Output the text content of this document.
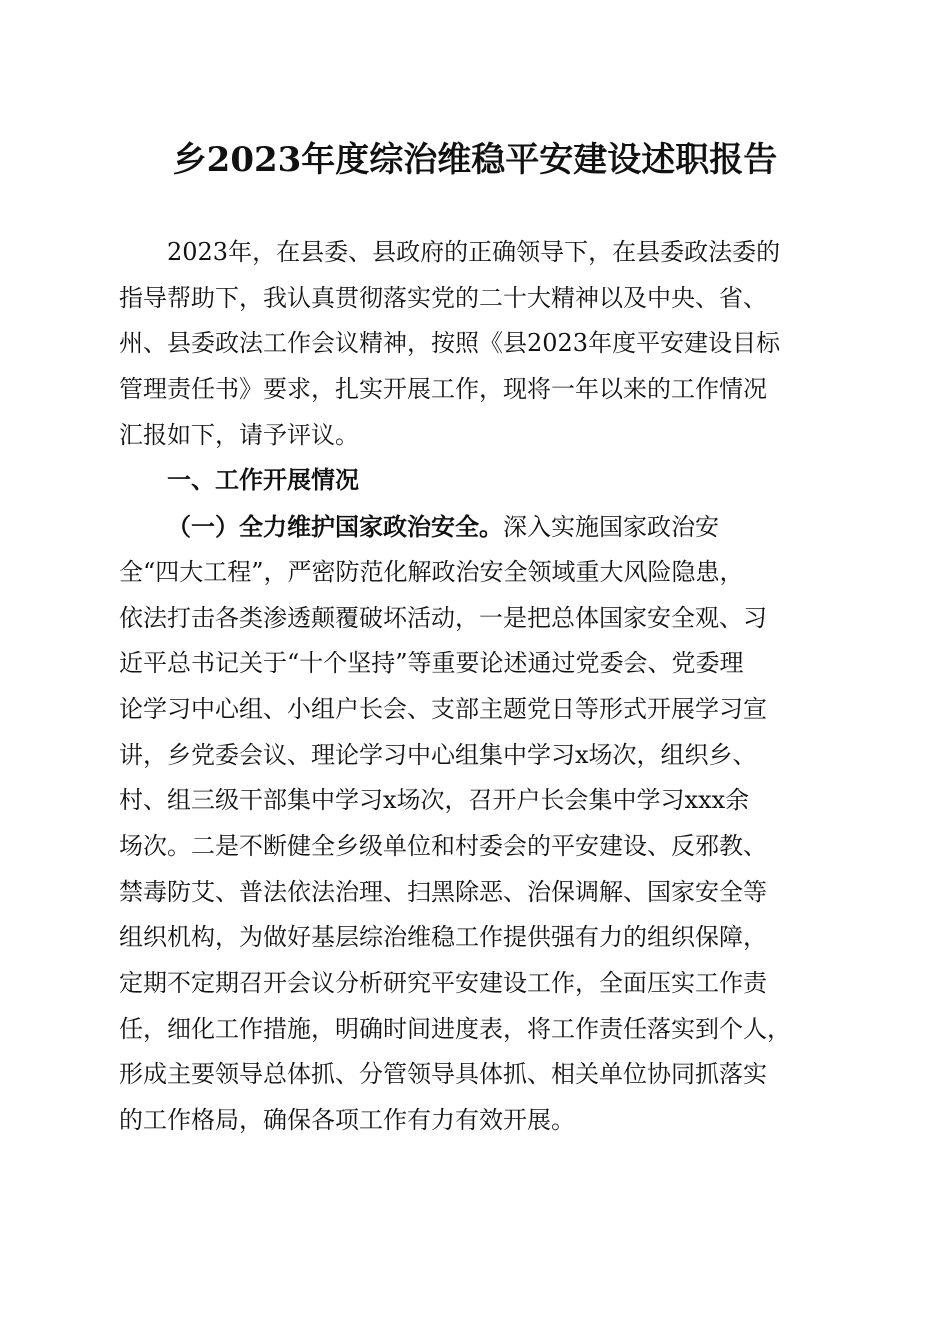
乡2023年度综治维稳平安建设述职报告
2023年，在县委、县政府的正确领导下，在县委政法委的
指导帮助下，我认真贯彻落实党的二十大精神以及中央、省、
州、县委政法工作会议精神，按照《县2023年度平安建设目标
管理责任书》要求，扎实开展工作，现将一年以来的工作情况
汇报如下，请予评议。
一、工作开展情况
（一）全力维护国家政治安全。深入实施国家政治安
全“四大工程”，严密防范化解政治安全领域重大风险隐患，
依法打击各类渗透颠覆破坏活动，一是把总体国家安全观、习
近平总书记关于“十个坚持”等重要论述通过党委会、党委理
论学习中心组、小组户长会、支部主题党日等形式开展学习宣
讲，乡党委会议、理论学习中心组集中学习x场次，组织乡、
村、组三级干部集中学习x场次，召开户长会集中学习xxx余
场次。二是不断健全乡级单位和村委会的平安建设、反邪教、
禁毒防艾、普法依法治理、扫黑除恶、治保调解、国家安全等
组织机构，为做好基层综治维稳工作提供强有力的组织保障，
定期不定期召开会议分析研究平安建设工作，全面压实工作责
任，细化工作措施，明确时间进度表，将工作责任落实到个人，
形成主要领导总体抓、分管领导具体抓、相关单位协同抓落实
的工作格局，确保各项工作有力有效开展。
